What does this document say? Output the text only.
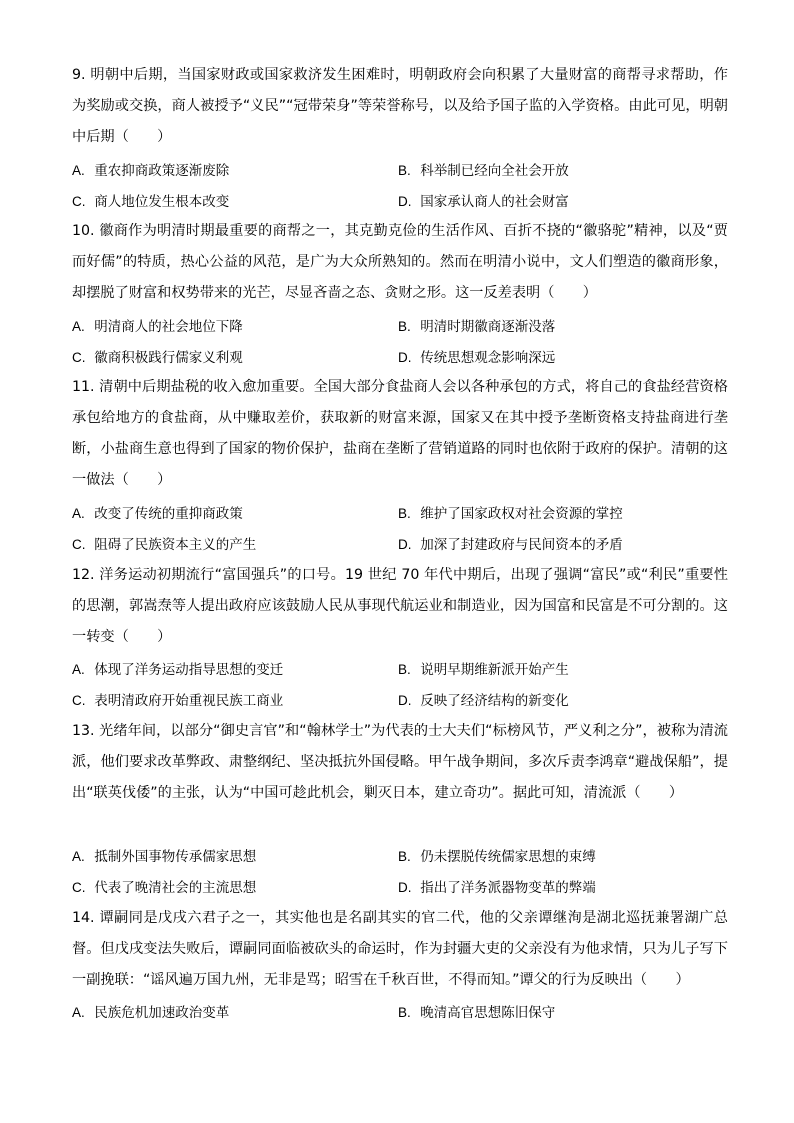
9. 明朝中后期，当国家财政或国家救济发生困难时，明朝政府会向积累了大量财富的商帮寻求帮助，作为奖励或交换，商人被授予“义民”“冠带荣身”等荣誉称号，以及给予国子监的入学资格。由此可见，明朝中后期（　　）

A. 重农抑商政策逐渐废除	B. 科举制已经向全社会开放
C. 商人地位发生根本改变	D. 国家承认商人的社会财富

10. 徽商作为明清时期最重要的商帮之一，其克勤克俭的生活作风、百折不挠的“徽骆驼”精神，以及“贾而好儒”的特质，热心公益的风范，是广为大众所熟知的。然而在明清小说中，文人们塑造的徽商形象，却摆脱了财富和权势带来的光芒，尽显吝啬之态、贪财之形。这一反差表明（　　）

A. 明清商人的社会地位下降	B. 明清时期徽商逐渐没落
C. 徽商积极践行儒家义利观	D. 传统思想观念影响深远

11. 清朝中后期盐税的收入愈加重要。全国大部分食盐商人会以各种承包的方式，将自己的食盐经营资格承包给地方的食盐商，从中赚取差价，获取新的财富来源，国家又在其中授予垄断资格支持盐商进行垄断，小盐商生意也得到了国家的物价保护，盐商在垄断了营销道路的同时也依附于政府的保护。清朝的这一做法（　　）

A. 改变了传统的重抑商政策	B. 维护了国家政权对社会资源的掌控
C. 阻碍了民族资本主义的产生	D. 加深了封建政府与民间资本的矛盾

12. 洋务运动初期流行“富国强兵”的口号。19 世纪 70 年代中期后，出现了强调“富民”或“利民”重要性的思潮，郭嵩焘等人提出政府应该鼓励人民从事现代航运业和制造业，因为国富和民富是不可分割的。这一转变（　　）

A. 体现了洋务运动指导思想的变迁	B. 说明早期维新派开始产生
C. 表明清政府开始重视民族工商业	D. 反映了经济结构的新变化

13. 光绪年间，以部分“御史言官”和“翰林学士”为代表的士大夫们“标榜风节，严义利之分”，被称为清流派，他们要求改革弊政、肃整纲纪、坚决抵抗外国侵略。甲午战争期间，多次斥责李鸿章“避战保船”，提出“联英伐倭”的主张，认为“中国可趁此机会，剿灭日本，建立奇功”。据此可知，清流派（　　）

A. 抵制外国事物传承儒家思想	B. 仍未摆脱传统儒家思想的束缚
C. 代表了晚清社会的主流思想	D. 指出了洋务派器物变革的弊端

14. 谭嗣同是戊戌六君子之一，其实他也是名副其实的官二代，他的父亲谭继洵是湖北巡抚兼署湖广总督。但戊戌变法失败后，谭嗣同面临被砍头的命运时，作为封疆大吏的父亲没有为他求情，只为儿子写下一副挽联：“谣风遍万国九州，无非是骂；昭雪在千秋百世，不得而知。”谭父的行为反映出（　　）

A. 民族危机加速政治变革	B. 晚清高官思想陈旧保守
